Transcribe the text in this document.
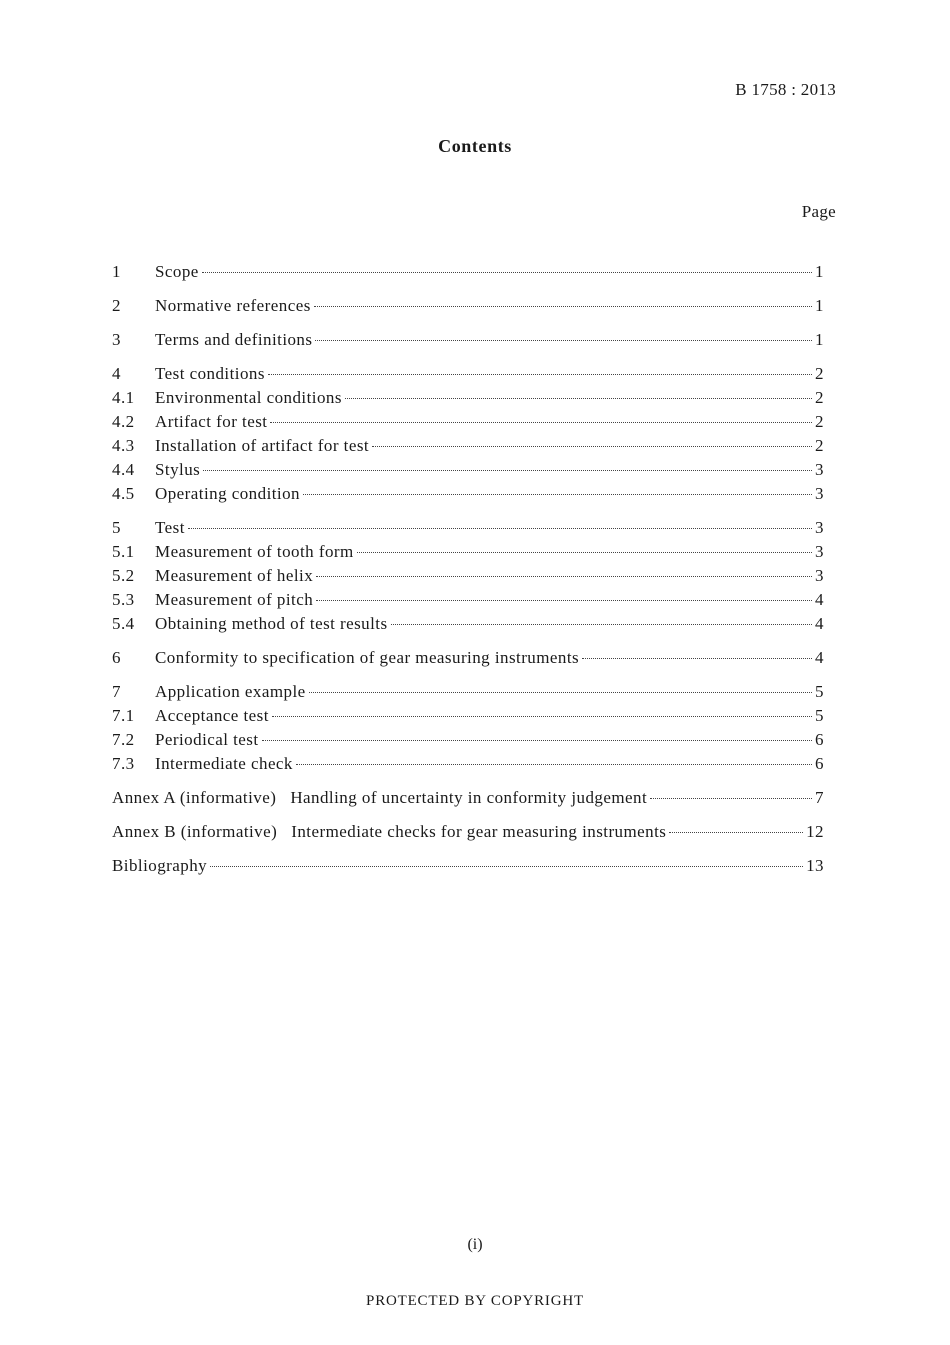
B 1758 : 2013
Contents
Page
1	Scope	1
2	Normative references	1
3	Terms and definitions	1
4	Test conditions	2
4.1	Environmental conditions	2
4.2	Artifact for test	2
4.3	Installation of artifact for test	2
4.4	Stylus	3
4.5	Operating condition	3
5	Test	3
5.1	Measurement of tooth form	3
5.2	Measurement of helix	3
5.3	Measurement of pitch	4
5.4	Obtaining method of test results	4
6	Conformity to specification of gear measuring instruments	4
7	Application example	5
7.1	Acceptance test	5
7.2	Periodical test	6
7.3	Intermediate check	6
Annex A (informative) Handling of uncertainty in conformity judgement	7
Annex B (informative) Intermediate checks for gear measuring instruments	12
Bibliography	13
(i)
PROTECTED BY COPYRIGHT
